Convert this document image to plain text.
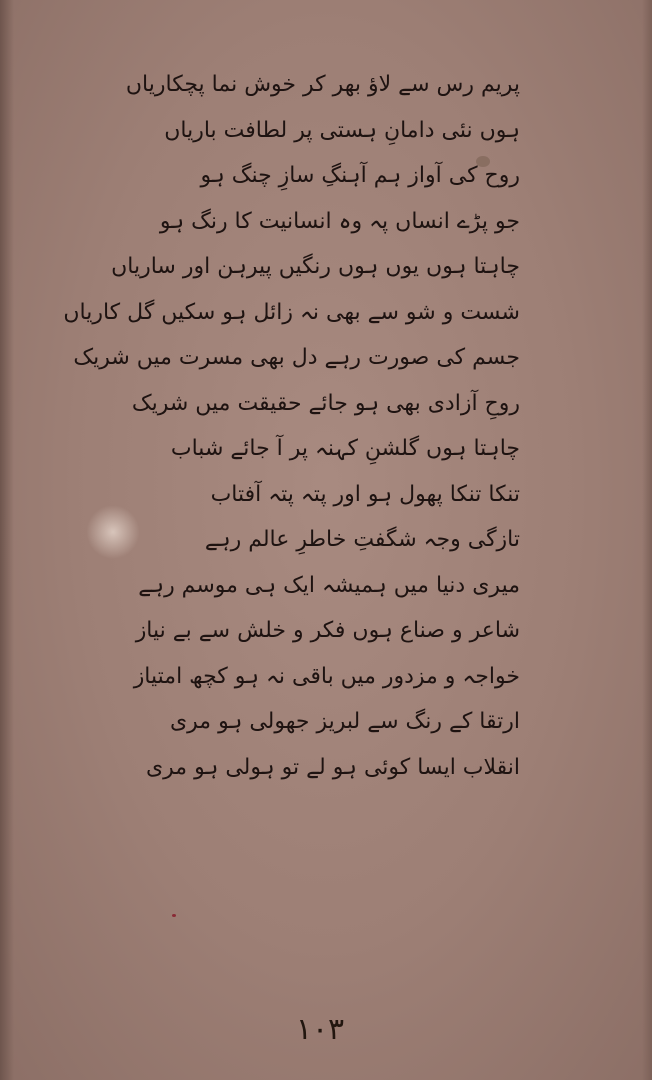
پریم رس سے لاؤ بھر کر خوش نما پچکاریاں
ہوں نئی دامانِ ہستی پر لطافت باریاں
روح کی آواز ہم آہنگِ سازِ چنگ ہو
جو پڑے انساں پہ وہ انسانیت کا رنگ ہو
چاہتا ہوں یوں ہوں رنگیں پیرہن اور ساریاں
شست و شو سے بھی نہ زائل ہو سکیں گل کاریاں
جسم کی صورت رہے دل بھی مسرت میں شریک
روحِ آزادی بھی ہو جائے حقیقت میں شریک
چاہتا ہوں گلشنِ کہنہ پر آ جائے شباب
تنکا تنکا پھول ہو اور پتہ پتہ آفتاب
تازگی وجہ شگفتِ خاطرِ عالم رہے
میری دنیا میں ہمیشہ ایک ہی موسم رہے
شاعر و صناع ہوں فکر و خلش سے بے نیاز
خواجہ و مزدور میں باقی نہ ہو کچھ امتیاز
ارتقا کے رنگ سے لبریز جھولی ہو مری
انقلاب ایسا کوئی ہو لے تو ہولی ہو مری
۱۰۳
